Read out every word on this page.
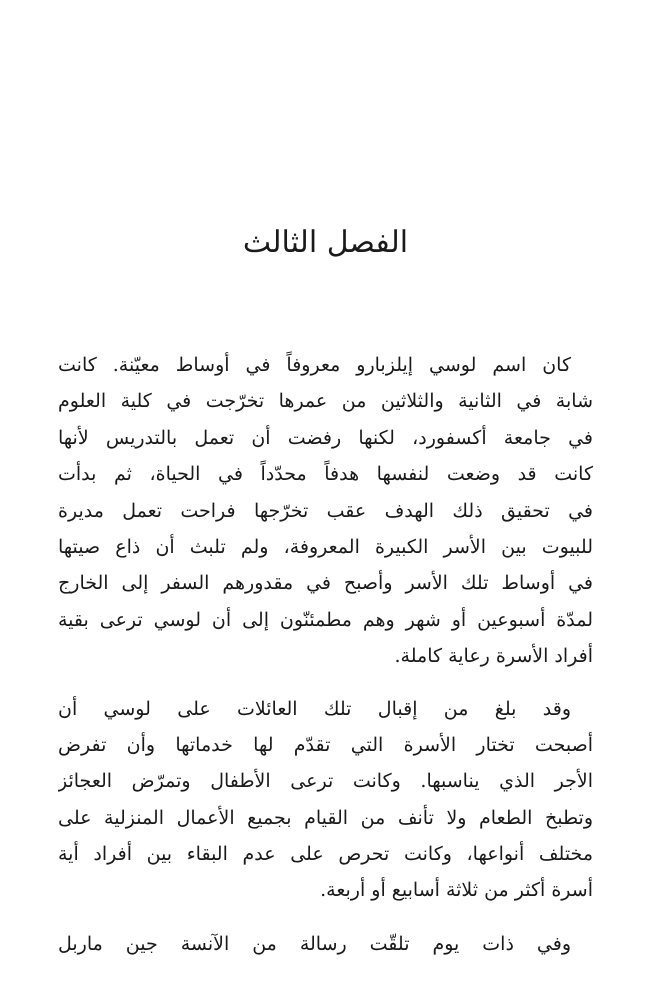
الفصل الثالث
كان اسم لوسي إيلزبارو معروفاً في أوساط معيّنة. كانت
شابة في الثانية والثلاثين من عمرها تخرّجت في كلية العلوم
في جامعة أكسفورد، لكنها رفضت أن تعمل بالتدريس لأنها
كانت قد وضعت لنفسها هدفاً محدّداً في الحياة، ثم بدأت
في تحقيق ذلك الهدف عقب تخرّجها فراحت تعمل مديرة
للبيوت بين الأسر الكبيرة المعروفة، ولم تلبث أن ذاع صيتها
في أوساط تلك الأسر وأصبح في مقدورهم السفر إلى الخارج
لمدّة أسبوعين أو شهر وهم مطمئنّون إلى أن لوسي ترعى بقية
أفراد الأسرة رعاية كاملة.
وقد بلغ من إقبال تلك العائلات على لوسي أن
أصبحت تختار الأسرة التي تقدّم لها خدماتها وأن تفرض
الأجر الذي يناسبها. وكانت ترعى الأطفال وتمرّض العجائز
وتطبخ الطعام ولا تأنف من القيام بجميع الأعمال المنزلية على
مختلف أنواعها، وكانت تحرص على عدم البقاء بين أفراد أية
أسرة أكثر من ثلاثة أسابيع أو أربعة.
وفي ذات يوم تلقّت رسالة من الآنسة جين ماربل
